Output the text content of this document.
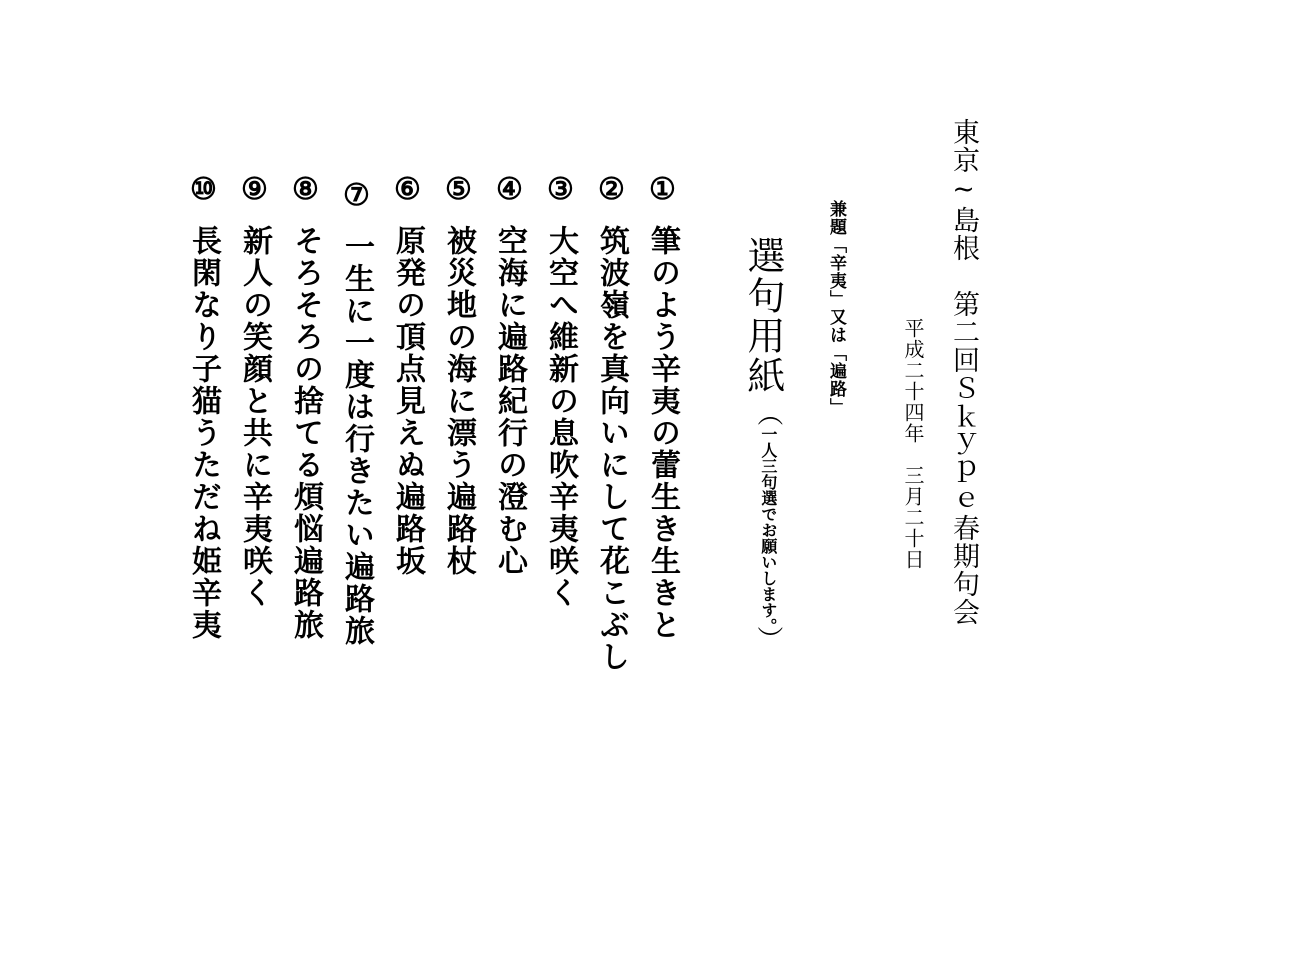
東京~島根　第二回Ｓｋｙｐｅ春期句会
平成二十四年　三月二十日
兼題「辛夷」又は「遍路」
選句用紙
（一人三句選でお願いします。）
①筆のよう辛夷の蕾生き生きと
②筑波嶺を真向いにして花こぶし
③大空へ維新の息吹辛夷咲く
④空海に遍路紀行の澄む心
⑤被災地の海に漂う遍路杖
⑥原発の頂点見えぬ遍路坂
⑦一生に一度は行きたい遍路旅
⑧そろそろの捨てる煩悩遍路旅
⑨新人の笑顔と共に辛夷咲く
⑩長閑なり子猫うただね姫辛夷
